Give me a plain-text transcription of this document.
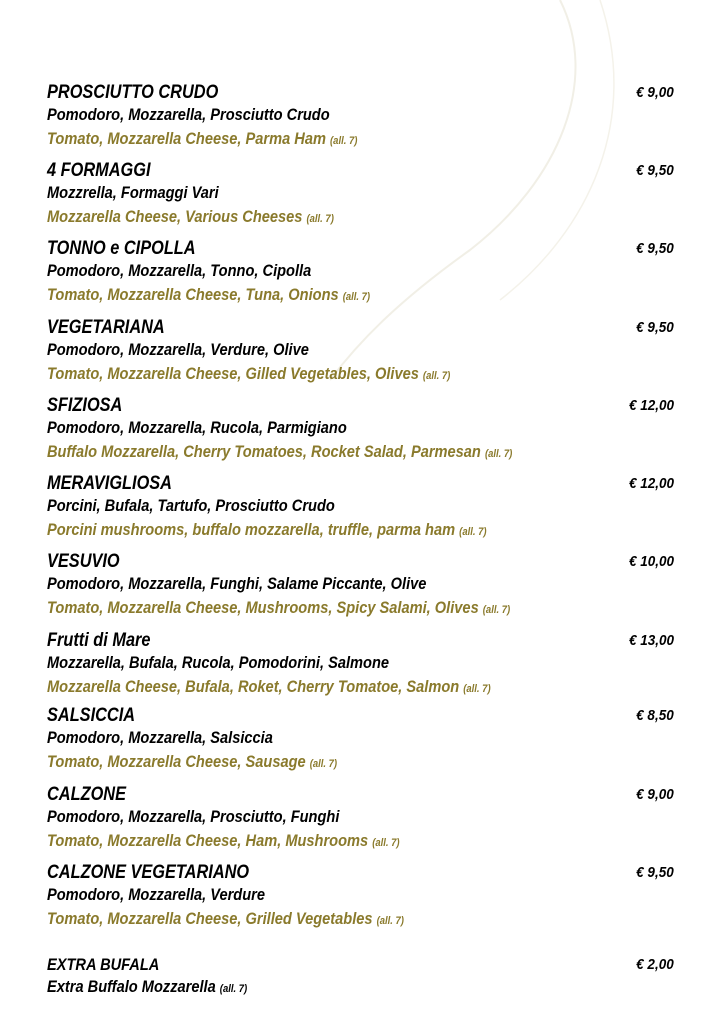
PROSCIUTTO CRUDO
Pomodoro, Mozzarella, Prosciutto Crudo
Tomato, Mozzarella Cheese, Parma Ham (all. 7)
€ 9,00
4 FORMAGGI
Mozzrella, Formaggi Vari
Mozzarella Cheese, Various Cheeses (all. 7)
€ 9,50
TONNO e CIPOLLA
Pomodoro, Mozzarella, Tonno, Cipolla
Tomato, Mozzarella Cheese, Tuna, Onions (all. 7)
€ 9,50
VEGETARIANA
Pomodoro, Mozzarella, Verdure, Olive
Tomato, Mozzarella Cheese, Gilled Vegetables, Olives (all. 7)
€ 9,50
SFIZIOSA
Pomodoro, Mozzarella, Rucola, Parmigiano
Buffalo Mozzarella, Cherry Tomatoes, Rocket Salad, Parmesan (all. 7)
€ 12,00
MERAVIGLIOSA
Porcini, Bufala, Tartufo, Prosciutto Crudo
Porcini mushrooms, buffalo mozzarella, truffle, parma ham (all. 7)
€ 12,00
VESUVIO
Pomodoro, Mozzarella, Funghi, Salame Piccante, Olive
Tomato, Mozzarella Cheese, Mushrooms, Spicy Salami, Olives (all. 7)
€ 10,00
Frutti di Mare
Mozzarella, Bufala, Rucola, Pomodorini, Salmone
Mozzarella Cheese, Bufala, Roket, Cherry Tomatoe, Salmon (all. 7)
€ 13,00
SALSICCIA
Pomodoro, Mozzarella, Salsiccia
Tomato, Mozzarella Cheese, Sausage (all. 7)
€ 8,50
CALZONE
Pomodoro, Mozzarella, Prosciutto, Funghi
Tomato, Mozzarella Cheese, Ham, Mushrooms (all. 7)
€ 9,00
CALZONE VEGETARIANO
Pomodoro, Mozzarella, Verdure
Tomato, Mozzarella Cheese, Grilled Vegetables (all. 7)
€ 9,50
EXTRA BUFALA
Extra Buffalo Mozzarella (all. 7)
€ 2,00
